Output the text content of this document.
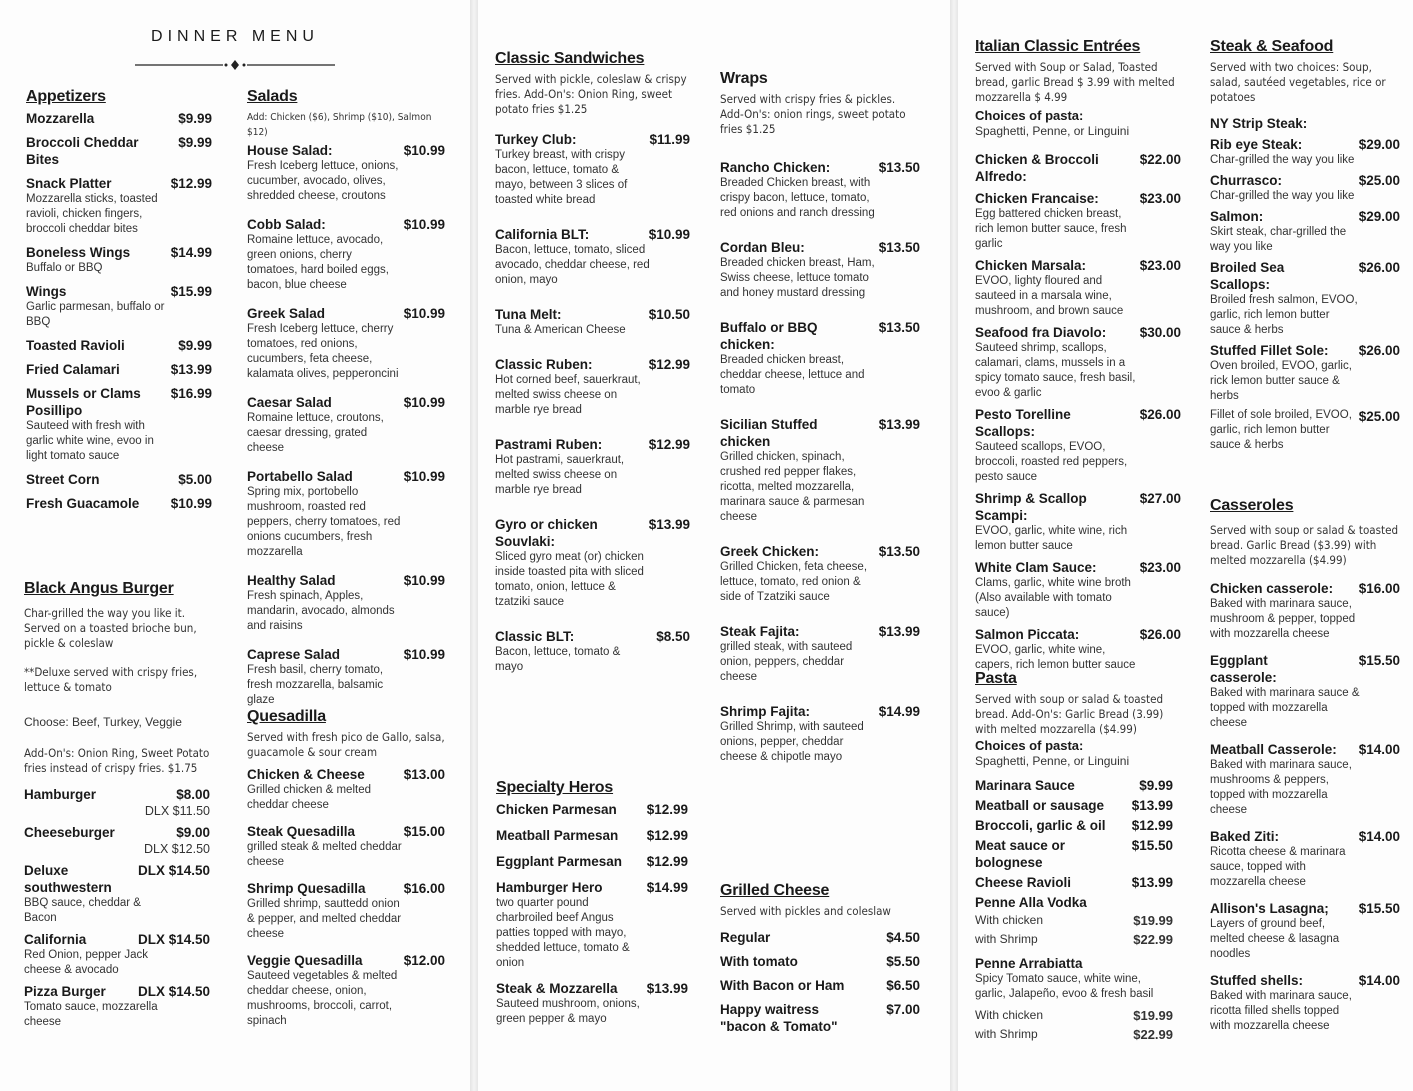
DINNER MENU
Appetizers
Mozzarella	$9.99
Broccoli Cheddar Bites
$9.99
Snack Platter	$12.99
Mozzarella sticks, toasted ravioli, chicken fingers, broccoli cheddar bites
Boneless Wings	$14.99
Buffalo or BBQ
Wings	$15.99
Garlic parmesan, buffalo or BBQ
Toasted Ravioli	$9.99
Fried Calamari	$13.99
Mussels or Clams Posillipo
$16.99
Sauteed with fresh with garlic white wine, evoo in light tomato sauce
Street Corn	$5.00
Fresh Guacamole	$10.99
Black Angus Burger
Char-grilled the way you like it. Served on a toasted brioche bun, pickle & coleslaw
**Deluxe served with crispy fries, lettuce & tomato
Choose: Beef, Turkey, Veggie
Add-On's: Onion Ring, Sweet Potato fries instead of crispy fries. $1.75
Hamburger	$8.00
DLX $11.50
Cheeseburger	$9.00
DLX $12.50
Deluxe southwestern
DLX $14.50
BBQ sauce, cheddar & Bacon
California	DLX $14.50
Red Onion, pepper Jack cheese & avocado
Pizza Burger	DLX $14.50
Tomato sauce, mozzarella cheese
Salads
Add: Chicken ($6), Shrimp ($10), Salmon $12)
House Salad:	$10.99
Fresh Iceberg lettuce, onions, cucumber, avocado, olives, shredded cheese, croutons
Cobb Salad:	$10.99
Romaine lettuce, avocado, green onions, cherry tomatoes, hard boiled eggs, bacon, blue cheese
Greek Salad	$10.99
Fresh Iceberg lettuce, cherry tomatoes, red onions, cucumbers, feta cheese, kalamata olives, pepperoncini
Caesar Salad	$10.99
Romaine lettuce, croutons, caesar dressing, grated cheese
Portabello Salad	$10.99
Spring mix, portobello mushroom, roasted red peppers, cherry tomatoes, red onions cucumbers, fresh mozzarella
Healthy Salad	$10.99
Fresh spinach, Apples, mandarin, avocado, almonds and raisins
Caprese Salad	$10.99
Fresh basil, cherry tomato, fresh mozzarella, balsamic glaze
Quesadilla
Served with fresh pico de Gallo, salsa, guacamole & sour cream
Chicken & Cheese	$13.00
Grilled chicken & melted cheddar cheese
Steak Quesadilla	$15.00
grilled steak & melted cheddar cheese
Shrimp Quesadilla	$16.00
Grilled shrimp, sauttedd onion & pepper, and melted cheddar cheese
Veggie Quesadilla	$12.00
Sauteed vegetables & melted cheddar cheese, onion, mushrooms, broccoli, carrot, spinach
Classic Sandwiches
Served with pickle, coleslaw & crispy fries. Add-On's: Onion Ring, sweet potato fries $1.25
Turkey Club:	$11.99
Turkey breast, with crispy bacon, lettuce, tomato & mayo, between 3 slices of toasted white bread
California BLT:	$10.99
Bacon, lettuce, tomato, sliced avocado, cheddar cheese, red onion, mayo
Tuna Melt:	$10.50
Tuna & American Cheese
Classic Ruben:	$12.99
Hot corned beef, sauerkraut, melted swiss cheese on marble rye bread
Pastrami Ruben:	$12.99
Hot pastrami, sauerkraut, melted swiss cheese on marble rye bread
Gyro or chicken Souvlaki:
$13.99
Sliced gyro meat (or) chicken inside toasted pita with sliced tomato, onion, lettuce & tzatziki sauce
Classic BLT:	$8.50
Bacon, lettuce, tomato & mayo
Specialty Heros
Chicken Parmesan	$12.99
Meatball Parmesan	$12.99
Eggplant Parmesan	$12.99
Hamburger Hero	$14.99
two quarter pound charbroiled beef Angus patties topped with mayo, shedded lettuce, tomato & onion
Steak & Mozzarella	$13.99
Sauteed mushroom, onions, green pepper & mayo
Wraps
Served with crispy fries & pickles. Add-On's: onion rings, sweet potato fries $1.25
Rancho Chicken:	$13.50
Breaded Chicken breast, with crispy bacon, lettuce, tomato, red onions and ranch dressing
Cordan Bleu:	$13.50
Breaded chicken breast, Ham, Swiss cheese, lettuce tomato and honey mustard dressing
Buffalo or BBQ chicken:
$13.50
Breaded chicken breast, cheddar cheese, lettuce and tomato
Sicilian Stuffed chicken
$13.99
Grilled chicken, spinach, crushed red pepper flakes, ricotta, melted mozzarella, marinara sauce & parmesan cheese
Greek Chicken:	$13.50
Grilled Chicken, feta cheese, lettuce, tomato, red onion & side of Tzatziki sauce
Steak Fajita:	$13.99
grilled steak, with sauteed onion, peppers, cheddar cheese
Shrimp Fajita:	$14.99
Grilled Shrimp, with sauteed onions, pepper, cheddar cheese & chipotle mayo
Grilled Cheese
Served with pickles and coleslaw
Regular	$4.50
With tomato	$5.50
With Bacon or Ham	$6.50
Happy waitress "bacon & Tomato"
$7.00
Italian Classic Entrées
Served with Soup or Salad, Toasted bread, garlic Bread $ 3.99 with melted mozzarella $ 4.99
Choices of pasta:
Spaghetti, Penne, or Linguini
Chicken & Broccoli Alfredo:
$22.00
Chicken Francaise:	$23.00
Egg battered chicken breast, rich lemon butter sauce, fresh garlic
Chicken Marsala:	$23.00
EVOO, lighty floured and sauteed in a marsala wine, mushroom, and brown sauce
Seafood fra Diavolo:	$30.00
Sauteed shrimp, scallops, calamari, clams, mussels in a spicy tomato sauce, fresh basil, evoo & garlic
Pesto Torelline Scallops:
$26.00
Sauteed scallops, EVOO, broccoli, roasted red peppers, pesto sauce
Shrimp & Scallop Scampi:
$27.00
EVOO, garlic, white wine, rich lemon butter sauce
White Clam Sauce:	$23.00
Clams, garlic, white wine broth (Also available with tomato sauce)
Salmon Piccata:	$26.00
EVOO, garlic, white wine, capers, rich lemon butter sauce
Pasta
Served with soup or salad & toasted bread. Add-On's: Garlic Bread (3.99) with melted mozzarella ($4.99)
Choices of pasta:
Spaghetti, Penne, or Linguini
Marinara Sauce	$9.99
Meatball or sausage	$13.99
Broccoli, garlic & oil	$12.99
Meat sauce or bolognese
$15.50
Cheese Ravioli	$13.99
Penne Alla Vodka
With chicken	$19.99
with Shrimp	$22.99
Penne Arrabiatta
Spicy Tomato sauce, white wine, garlic, Jalapeño, evoo & fresh basil
With chicken	$19.99
with Shrimp	$22.99
Steak & Seafood
Served with two choices: Soup, salad, sautéed vegetables, rice or potatoes
NY Strip Steak:
Rib eye Steak:	$29.00
Char-grilled the way you like
Churrasco:	$25.00
Char-grilled the way you like
Salmon:	$29.00
Skirt steak, char-grilled the way you like
Broiled Sea Scallops:
$26.00
Broiled fresh salmon, EVOO, garlic, rich lemon butter sauce & herbs
Stuffed Fillet Sole:	$26.00
Oven broiled, EVOO, garlic, rick lemon butter sauce & herbs
$25.00
Fillet of sole broiled, EVOO, garlic, rich lemon butter sauce & herbs
Casseroles
Served with soup or salad & toasted bread. Garlic Bread ($3.99) with melted mozzarella ($4.99)
Chicken casserole:	$16.00
Baked with marinara sauce, mushroom & pepper, topped with mozzarella cheese
Eggplant casserole:
$15.50
Baked with marinara sauce & topped with mozzarella cheese
Meatball Casserole:	$14.00
Baked with marinara sauce, mushrooms & peppers, topped with mozzarella cheese
Baked Ziti:	$14.00
Ricotta cheese & marinara sauce, topped with mozzarella cheese
Allison's Lasagna;	$15.50
Layers of ground beef, melted cheese & lasagna noodles
Stuffed shells:	$14.00
Baked with marinara sauce, ricotta filled shells topped with mozzarella cheese
